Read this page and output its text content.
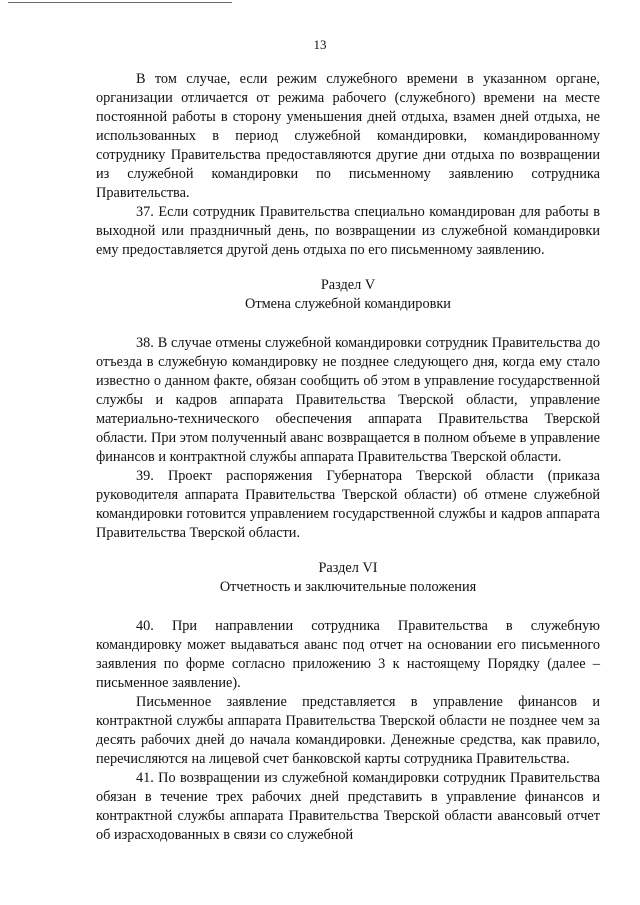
13

В том случае, если режим служебного времени в указанном органе, организации отличается от режима рабочего (служебного) времени на месте постоянной работы в сторону уменьшения дней отдыха, взамен дней отдыха, не использованных в период служебной командировки, командированному сотруднику Правительства предоставляются другие дни отдыха по возвращении из служебной командировки по письменному заявлению сотрудника Правительства.

37. Если сотрудник Правительства специально командирован для работы в выходной или праздничный день, по возвращении из служебной командировки ему предоставляется другой день отдыха по его письменному заявлению.

Раздел V

Отмена служебной командировки

38. В случае отмены служебной командировки сотрудник Правительства до отъезда в служебную командировку не позднее следующего дня, когда ему стало известно о данном факте, обязан сообщить об этом в управление государственной службы и кадров аппарата Правительства Тверской области, управление материально-технического обеспечения аппарата Правительства Тверской области. При этом полученный аванс возвращается в полном объеме в управление финансов и контрактной службы аппарата Правительства Тверской области.

39. Проект распоряжения Губернатора Тверской области (приказа руководителя аппарата Правительства Тверской области) об отмене служебной командировки готовится управлением государственной службы и кадров аппарата Правительства Тверской области.

Раздел VI

Отчетность и заключительные положения

40. При направлении сотрудника Правительства в служебную командировку может выдаваться аванс под отчет на основании его письменного заявления по форме согласно приложению 3 к настоящему Порядку (далее – письменное заявление).

Письменное заявление представляется в управление финансов и контрактной службы аппарата Правительства Тверской области не позднее чем за десять рабочих дней до начала командировки. Денежные средства, как правило, перечисляются на лицевой счет банковской карты сотрудника Правительства.

41. По возвращении из служебной командировки сотрудник Правительства обязан в течение трех рабочих дней представить в управление финансов и контрактной службы аппарата Правительства Тверской области авансовый отчет об израсходованных в связи со служебной
